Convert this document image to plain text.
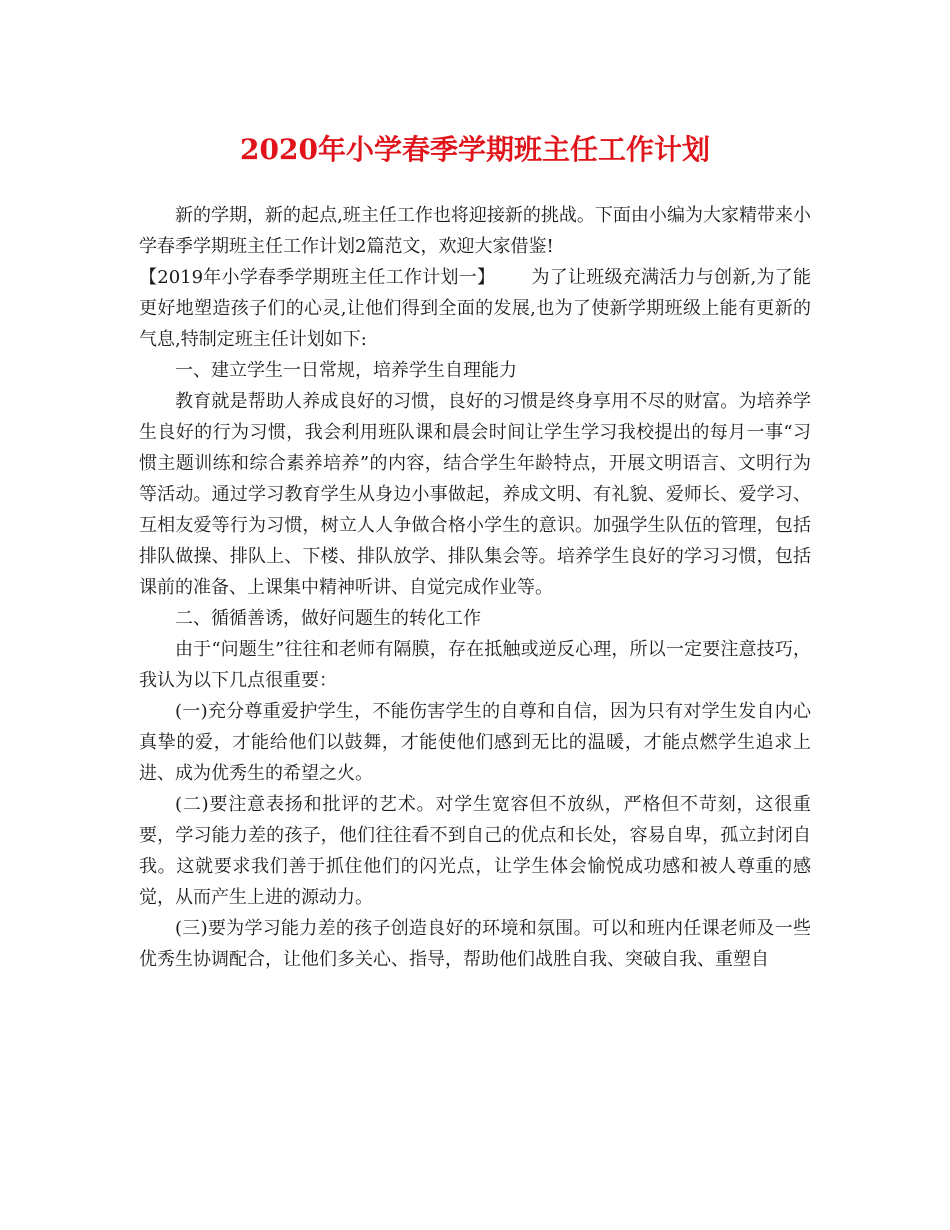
2020年小学春季学期班主任工作计划

新的学期，新的起点,班主任工作也将迎接新的挑战。下面由小编为大家精带来小学春季学期班主任工作计划2篇范文，欢迎大家借鉴!

【2019年小学春季学期班主任工作计划一】 为了让班级充满活力与创新,为了能更好地塑造孩子们的心灵,让他们得到全面的发展,也为了使新学期班级上能有更新的气息,特制定班主任计划如下:

一、建立学生一日常规，培养学生自理能力

教育就是帮助人养成良好的习惯，良好的习惯是终身享用不尽的财富。为培养学生良好的行为习惯，我会利用班队课和晨会时间让学生学习我校提出的每月一事“习惯主题训练和综合素养培养”的内容，结合学生年龄特点，开展文明语言、文明行为等活动。通过学习教育学生从身边小事做起，养成文明、有礼貌、爱师长、爱学习、互相友爱等行为习惯，树立人人争做合格小学生的意识。加强学生队伍的管理，包括排队做操、排队上、下楼、排队放学、排队集会等。培养学生良好的学习习惯，包括课前的准备、上课集中精神听讲、自觉完成作业等。

二、循循善诱，做好问题生的转化工作

由于“问题生”往往和老师有隔膜，存在抵触或逆反心理，所以一定要注意技巧，我认为以下几点很重要：

(一)充分尊重爱护学生，不能伤害学生的自尊和自信，因为只有对学生发自内心真挚的爱，才能给他们以鼓舞，才能使他们感到无比的温暖，才能点燃学生追求上进、成为优秀生的希望之火。

(二)要注意表扬和批评的艺术。对学生宽容但不放纵，严格但不苛刻，这很重要，学习能力差的孩子，他们往往看不到自己的优点和长处，容易自卑，孤立封闭自我。这就要求我们善于抓住他们的闪光点，让学生体会愉悦成功感和被人尊重的感觉，从而产生上进的源动力。

(三)要为学习能力差的孩子创造良好的环境和氛围。可以和班内任课老师及一些优秀生协调配合，让他们多关心、指导，帮助他们战胜自我、突破自我、重塑自
